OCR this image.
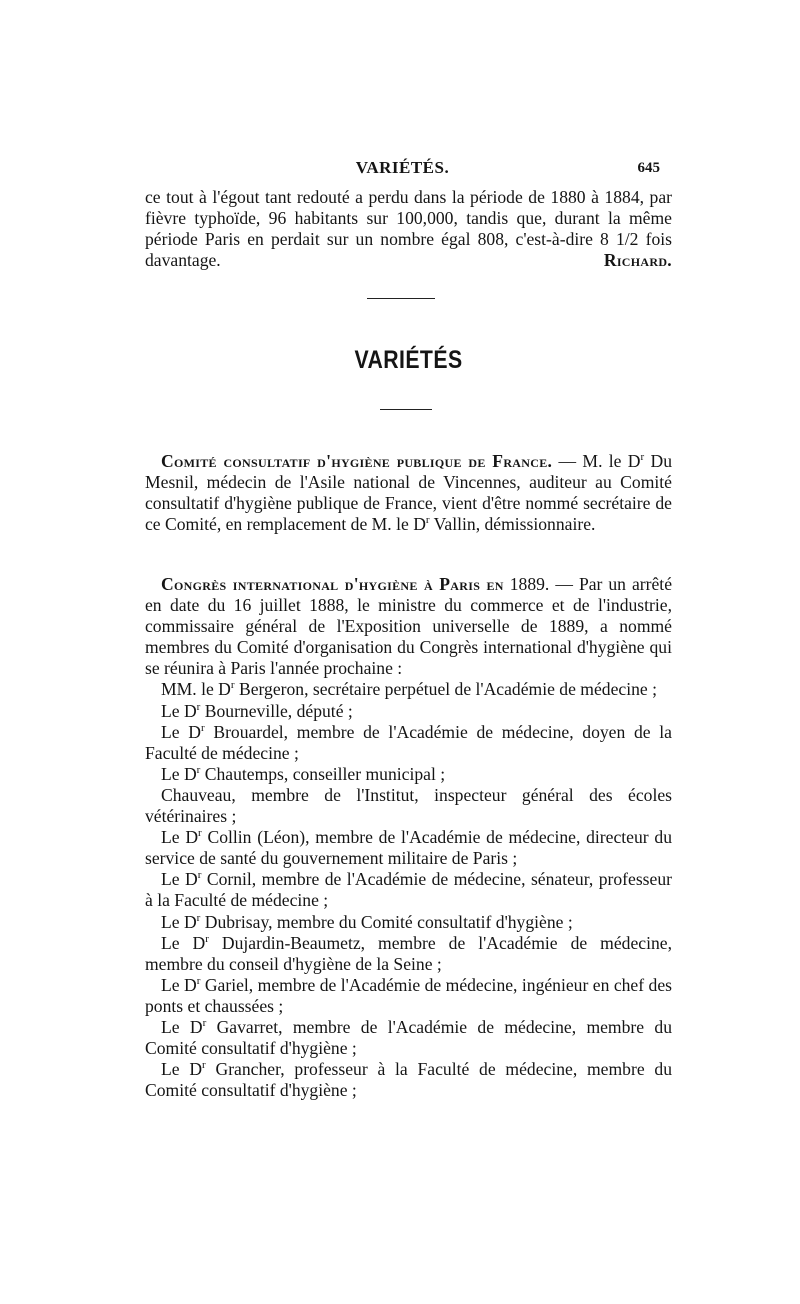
VARIÉTÉS.	645

ce tout à l'égout tant redouté a perdu dans la période de 1880 à 1884, par fièvre typhoïde, 96 habitants sur 100,000, tandis que, durant la même période Paris en perdait sur un nombre égal 808, c'est-à-dire 8 1/2 fois davantage.	Richard.

VARIÉTÉS

Comité consultatif d'hygiène publique de France. — M. le $D^r$ Du Mesnil, médecin de l'Asile national de Vincennes, auditeur au Comité consultatif d'hygiène publique de France, vient d'être nommé secrétaire de ce Comité, en remplacement de M. le $D^r$ Vallin, démissionnaire.

Congrès international d'hygiène à Paris en 1889. — Par un arrêté en date du 16 juillet 1888, le ministre du commerce et de l'industrie, commissaire général de l'Exposition universelle de 1889, a nommé membres du Comité d'organisation du Congrès international d'hygiène qui se réunira à Paris l'année prochaine :

MM. le $D^r$ Bergeron, secrétaire perpétuel de l'Académie de médecine ;

Le $D^r$ Bourneville, député ;

Le $D^r$ Brouardel, membre de l'Académie de médecine, doyen de la Faculté de médecine ;

Le $D^r$ Chautemps, conseiller municipal ;

Chauveau, membre de l'Institut, inspecteur général des écoles vétérinaires ;

Le $D^r$ Collin (Léon), membre de l'Académie de médecine, directeur du service de santé du gouvernement militaire de Paris ;

Le $D^r$ Cornil, membre de l'Académie de médecine, sénateur, professeur à la Faculté de médecine ;

Le $D^r$ Dubrisay, membre du Comité consultatif d'hygiène ;

Le $D^r$ Dujardin-Beaumetz, membre de l'Académie de médecine, membre du conseil d'hygiène de la Seine ;

Le $D^r$ Gariel, membre de l'Académie de médecine, ingénieur en chef des ponts et chaussées ;

Le $D^r$ Gavarret, membre de l'Académie de médecine, membre du Comité consultatif d'hygiène ;

Le $D^r$ Grancher, professeur à la Faculté de médecine, membre du Comité consultatif d'hygiène ;
